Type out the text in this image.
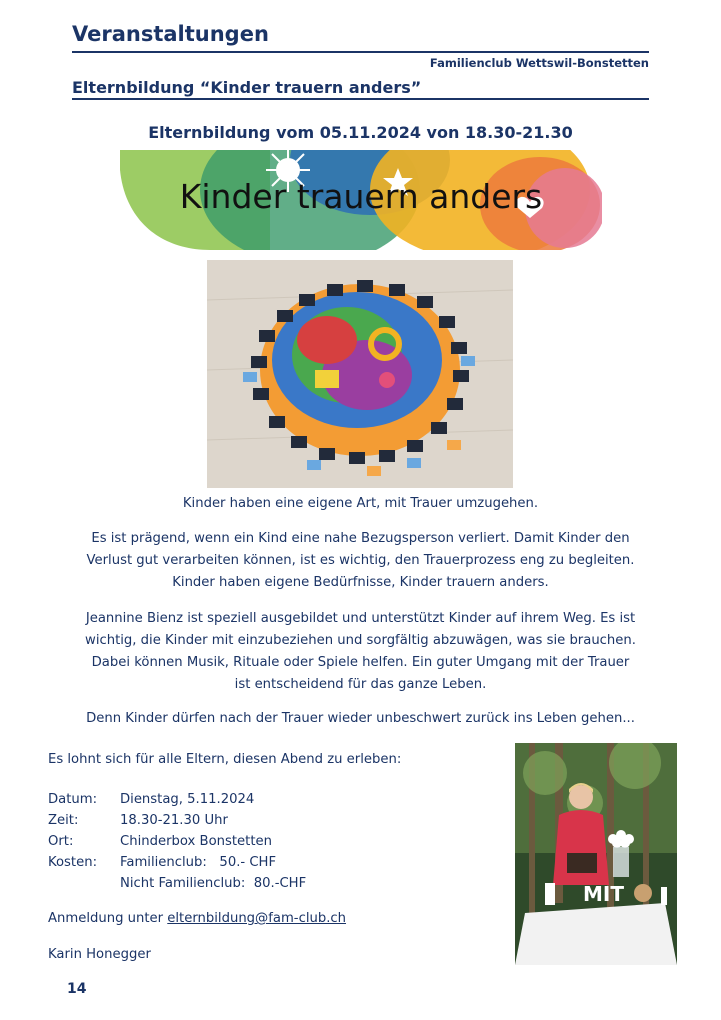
Veranstaltungen
Familienclub Wettswil-Bonstetten
Elternbildung “Kinder trauern anders”
Elternbildung vom 05.11.2024 von 18.30-21.30
Kinder trauern anders
Kinder haben eine eigene Art, mit Trauer umzugehen.

Es ist prägend, wenn ein Kind eine nahe Bezugsperson verliert. Damit Kinder den

Verlust gut verarbeiten können, ist es wichtig, den Trauerprozess eng zu begleiten.

Kinder haben eigene Bedürfnisse, Kinder trauern anders.

Jeannine Bienz ist speziell ausgebildet und unterstützt Kinder auf ihrem Weg. Es ist

wichtig, die Kinder mit einzubeziehen und sorgfältig abzuwägen, was sie brauchen.

Dabei können Musik, Rituale oder Spiele helfen. Ein guter Umgang mit der Trauer

ist entscheidend für das ganze Leben.

Denn Kinder dürfen nach der Trauer wieder unbeschwert zurück ins Leben gehen...
Es lohnt sich für alle Eltern, diesen Abend zu erleben:
Datum: Dienstag, 5.11.2024
Zeit:	18.30-21.30 Uhr
Ort:	Chinderbox Bonstetten
Kosten: Familienclub:   50.- CHF
Nicht Familienclub:  80.-CHF
Anmeldung unter elternbildung@fam-club.ch
Karin Honegger
MIT
14
